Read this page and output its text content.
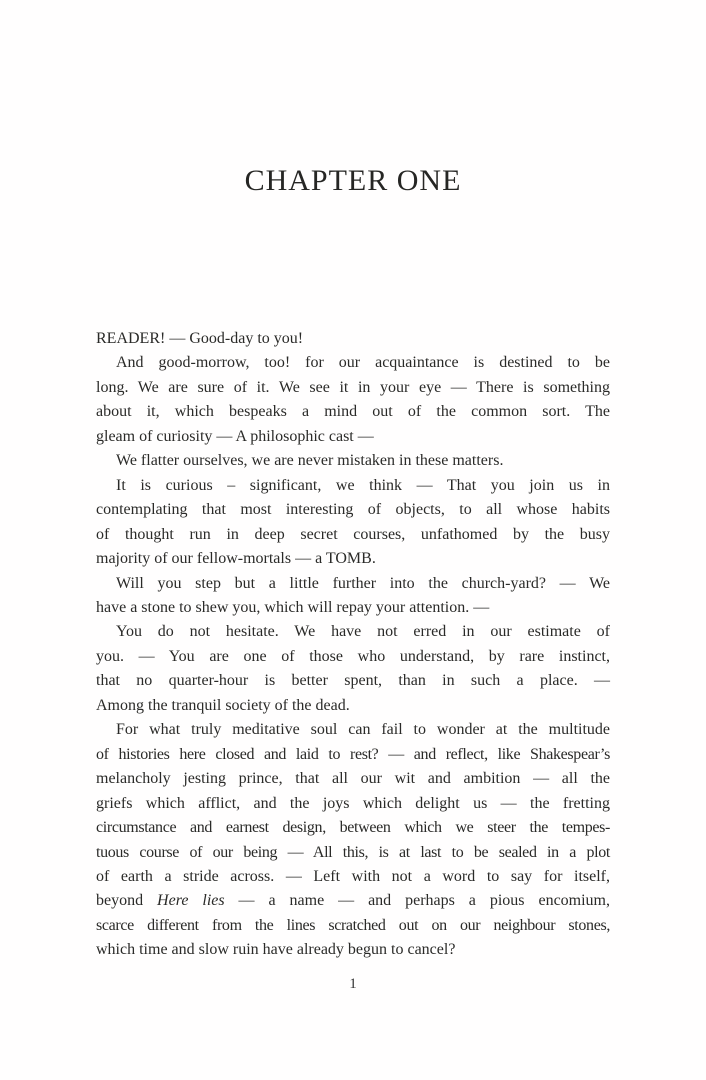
CHAPTER ONE
READER! — Good-day to you!
And good-morrow, too! for our acquaintance is destined to be
long. We are sure of it. We see it in your eye — There is something
about it, which bespeaks a mind out of the common sort. The
gleam of curiosity — A philosophic cast —
We flatter ourselves, we are never mistaken in these matters.
It is curious – significant, we think — That you join us in
contemplating that most interesting of objects, to all whose habits
of thought run in deep secret courses, unfathomed by the busy
majority of our fellow-mortals — a TOMB.
Will you step but a little further into the church-yard? — We
have a stone to shew you, which will repay your attention. —
You do not hesitate. We have not erred in our estimate of
you. — You are one of those who understand, by rare instinct,
that no quarter-hour is better spent, than in such a place. —
Among the tranquil society of the dead.
For what truly meditative soul can fail to wonder at the multitude
of histories here closed and laid to rest? — and reflect, like Shakespear’s
melancholy jesting prince, that all our wit and ambition — all the
griefs which afflict, and the joys which delight us — the fretting
circumstance and earnest design, between which we steer the tempes-
tuous course of our being — All this, is at last to be sealed in a plot
of earth a stride across. — Left with not a word to say for itself,
beyond Here lies — a name — and perhaps a pious encomium,
scarce different from the lines scratched out on our neighbour stones,
which time and slow ruin have already begun to cancel?
1
